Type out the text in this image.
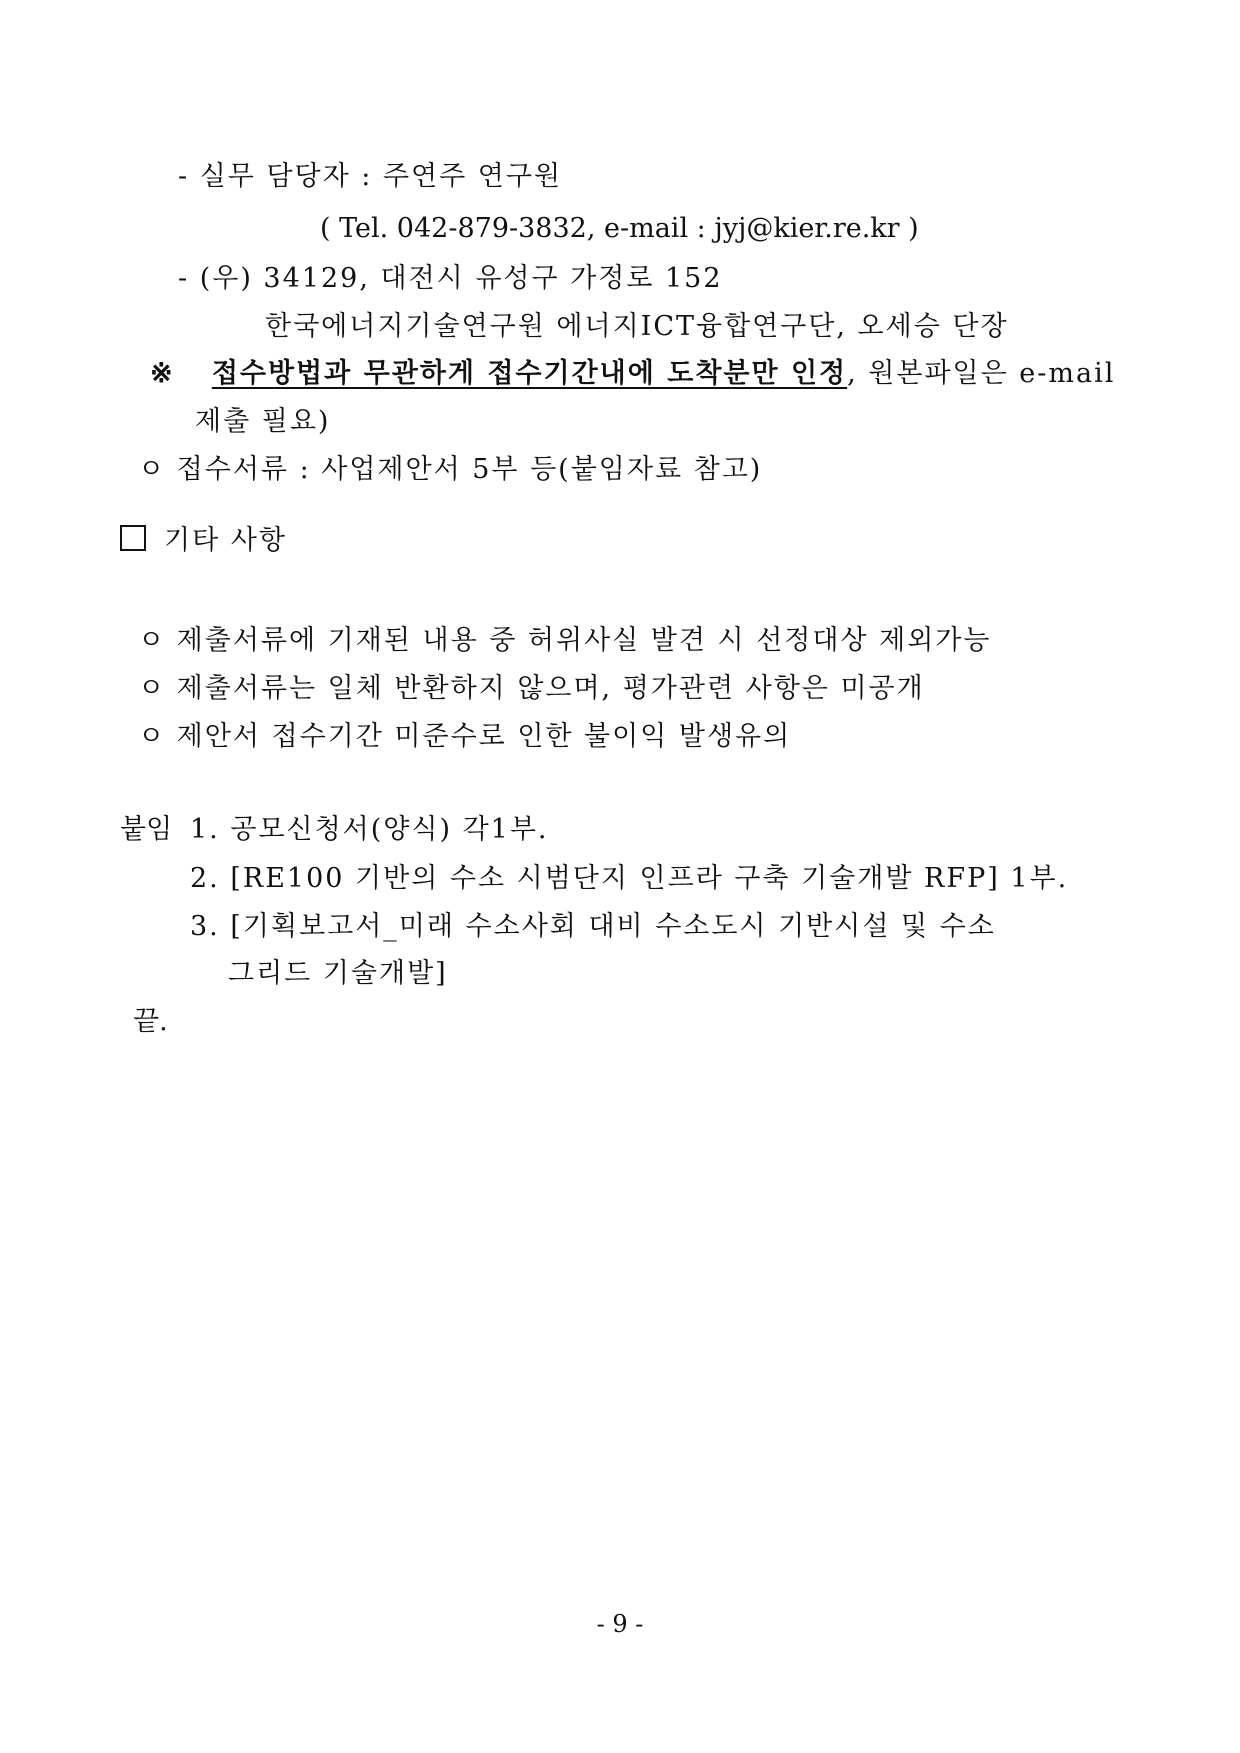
- 실무 담당자 : 주연주 연구원
( Tel. 042-879-3832, e-mail : jyj@kier.re.kr )
- (우) 34129, 대전시 유성구 가정로 152
한국에너지기술연구원 에너지ICT융합연구단, 오세승 단장
※ 접수방법과 무관하게 접수기간내에 도착분만 인정, 원본파일은 e-mail
제출 필요)
ㅇ 접수서류 : 사업제안서 5부 등(붙임자료 참고)
기타 사항
ㅇ 제출서류에 기재된 내용 중 허위사실 발견 시 선정대상 제외가능
ㅇ 제출서류는 일체 반환하지 않으며, 평가관련 사항은 미공개
ㅇ 제안서 접수기간 미준수로 인한 불이익 발생유의
붙임 1. 공모신청서(양식) 각1부.
2. [RE100 기반의 수소 시범단지 인프라 구축 기술개발 RFP] 1부.
3. [기획보고서_미래 수소사회 대비 수소도시 기반시설 및 수소
그리드 기술개발]
끝.
- 9 -
